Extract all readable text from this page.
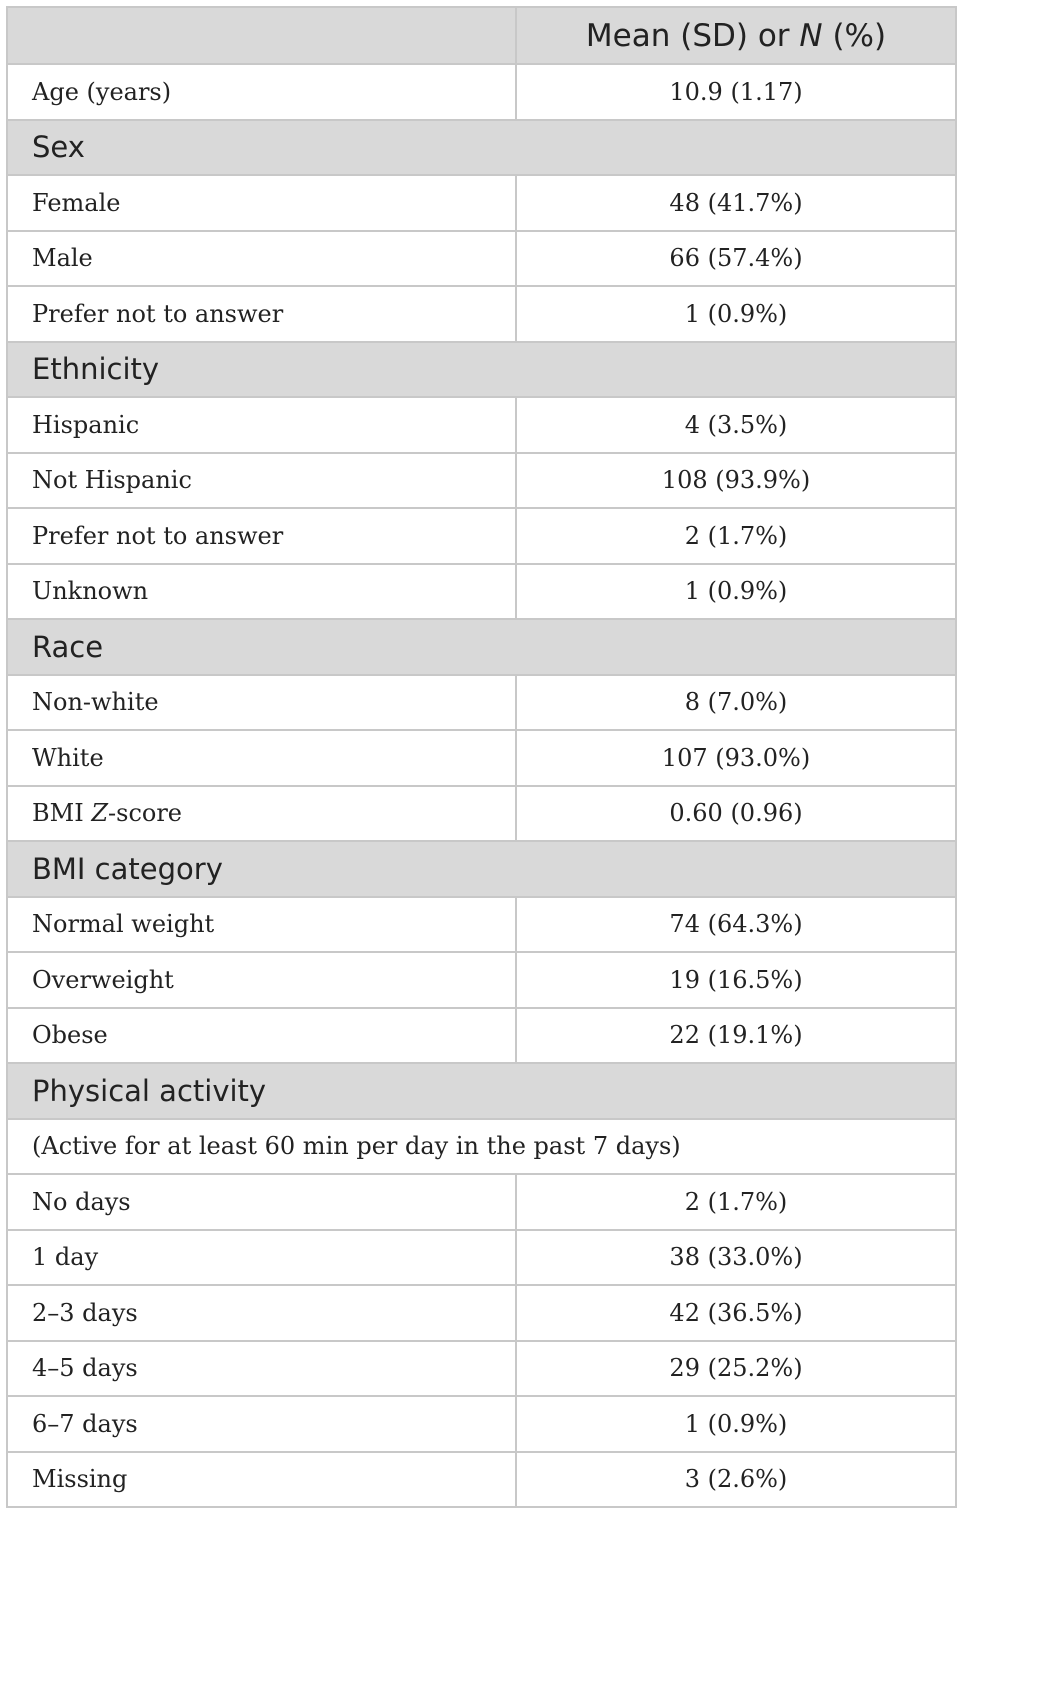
	Mean (SD) or N (%)
Age (years)	10.9 (1.17)
Sex	
Female	48 (41.7%)
Male	66 (57.4%)
Prefer not to answer	1 (0.9%)
Ethnicity	
Hispanic	4 (3.5%)
Not Hispanic	108 (93.9%)
Prefer not to answer	2 (1.7%)
Unknown	1 (0.9%)
Race	
Non-white	8 (7.0%)
White	107 (93.0%)
BMI Z-score	0.60 (0.96)
BMI category	
Normal weight	74 (64.3%)
Overweight	19 (16.5%)
Obese	22 (19.1%)
Physical activity	
(Active for at least 60 min per day in the past 7 days)	
No days	2 (1.7%)
1 day	38 (33.0%)
2–3 days	42 (36.5%)
4–5 days	29 (25.2%)
6–7 days	1 (0.9%)
Missing	3 (2.6%)
